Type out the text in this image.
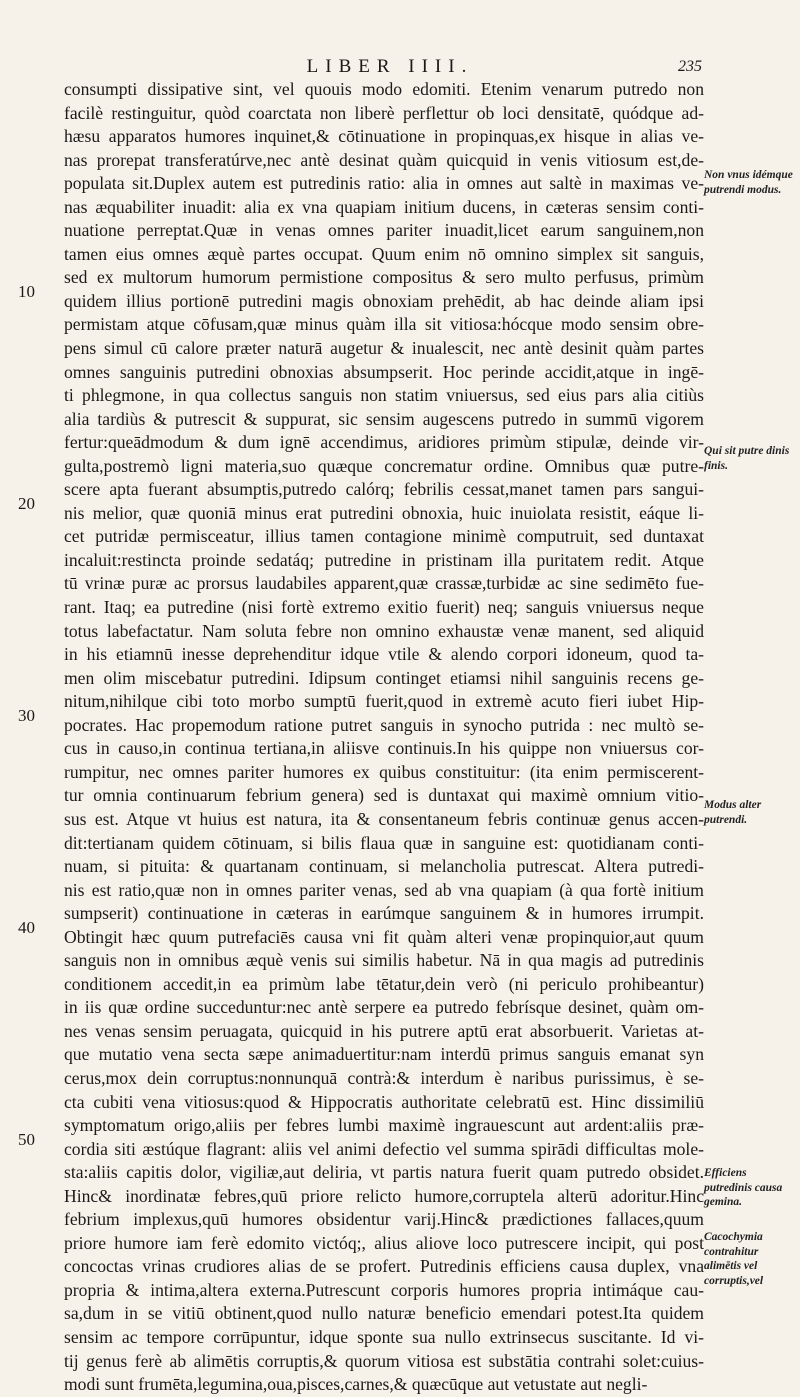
LIBER IIII.	235
consumpti dissipative sint, vel quouis modo edomiti. Etenim venarum putredo non
facilè restinguitur, quòd coarctata non liberè perflettur ob loci densitatē, quódque ad-
hæsu apparatos humores inquinet,& cōtinuatione in propinquas,ex hisque in alias ve-
nas prorepat transferatúrve,nec antè desinat quàm quicquid in venis vitiosum est,de-
populata sit.Duplex autem est putredinis ratio: alia in omnes aut saltè in maximas ve-
nas æquabiliter inuadit: alia ex vna quapiam initium ducens, in cæteras sensim conti-
nuatione perreptat.Quæ in venas omnes pariter inuadit,licet earum sanguinem,non
tamen eius omnes æquè partes occupat. Quum enim nō omnino simplex sit sanguis,
sed ex multorum humorum permistione compositus & sero multo perfusus, primùm
quidem illius portionē putredini magis obnoxiam prehēdit, ab hac deinde aliam ipsi
permistam atque cōfusam,quæ minus quàm illa sit vitiosa:hócque modo sensim obre-
pens simul cū calore præter naturā augetur & inualescit, nec antè desinit quàm partes
omnes sanguinis putredini obnoxias absumpserit. Hoc perinde accidit,atque in ingē-
ti phlegmone, in qua collectus sanguis non statim vniuersus, sed eius pars alia citiùs
alia tardiùs & putrescit & suppurat, sic sensim augescens putredo in summū vigorem
fertur:queādmodum & dum ignē accendimus, aridiores primùm stipulæ, deinde vir-
gulta,postremò ligni materia,suo quæque concrematur ordine. Omnibus quæ putre-
scere apta fuerant absumptis,putredo calórq; febrilis cessat,manet tamen pars sangui-
nis melior, quæ quoniā minus erat putredini obnoxia, huic inuiolata resistit, eáque li-
cet putridæ permisceatur, illius tamen contagione minimè computruit, sed duntaxat
incaluit:restincta proinde sedatáq; putredine in pristinam illa puritatem redit. Atque
tū vrinæ puræ ac prorsus laudabiles apparent,quæ crassæ,turbidæ ac sine sedimēto fue-
rant. Itaq; ea putredine (nisi fortè extremo exitio fuerit) neq; sanguis vniuersus neque
totus labefactatur. Nam soluta febre non omnino exhaustæ venæ manent, sed aliquid
in his etiamnū inesse deprehenditur idque vtile & alendo corpori idoneum, quod ta-
men olim miscebatur putredini. Idipsum continget etiamsi nihil sanguinis recens ge-
nitum,nihilque cibi toto morbo sumptū fuerit,quod in extremè acuto fieri iubet Hip-
pocrates. Hac propemodum ratione putret sanguis in synocho putrida : nec multò se-
cus in causo,in continua tertiana,in aliisve continuis.In his quippe non vniuersus cor-
rumpitur, nec omnes pariter humores ex quibus constituitur: (ita enim permiscerent-
tur omnia continuarum febrium genera) sed is duntaxat qui maximè omnium vitio-
sus est. Atque vt huius est natura, ita & consentaneum febris continuæ genus accen-
dit:tertianam quidem cōtinuam, si bilis flaua quæ in sanguine est: quotidianam conti-
nuam, si pituita: & quartanam continuam, si melancholia putrescat. Altera putredi-
nis est ratio,quæ non in omnes pariter venas, sed ab vna quapiam (à qua fortè initium
sumpserit) continuatione in cæteras in earúmque sanguinem & in humores irrumpit.
Obtingit hæc quum putrefaciēs causa vni fit quàm alteri venæ propinquior,aut quum
sanguis non in omnibus æquè venis sui similis habetur. Nā in qua magis ad putredinis
conditionem accedit,in ea primùm labe tētatur,dein verò (ni periculo prohibeantur)
in iis quæ ordine succeduntur:nec antè serpere ea putredo febrísque desinet, quàm om-
nes venas sensim peruagata, quicquid in his putrere aptū erat absorbuerit. Varietas at-
que mutatio vena secta sæpe animaduertitur:nam interdū primus sanguis emanat syn
cerus,mox dein corruptus:nonnunquā contrà:& interdum è naribus purissimus, è se-
cta cubiti vena vitiosus:quod & Hippocratis authoritate celebratū est. Hinc dissimiliū
symptomatum origo,aliis per febres lumbi maximè ingrauescunt aut ardent:aliis præ-
cordia siti æstúque flagrant: aliis vel animi defectio vel summa spirādi difficultas mole-
sta:aliis capitis dolor, vigiliæ,aut deliria, vt partis natura fuerit quam putredo obsidet.
Hinc& inordinatæ febres,quū priore relicto humore,corruptela alterū adoritur.Hinc
febrium implexus,quū humores obsidentur varij.Hinc& prædictiones fallaces,quum
priore humore iam ferè edomito victóq;, alius aliove loco putrescere incipit, qui post
concoctas vrinas crudiores alias de se profert. Putredinis efficiens causa duplex, vna
propria & intima,altera externa.Putrescunt corporis humores propria intimáque cau-
sa,dum in se vitiū obtinent,quod nullo naturæ beneficio emendari potest.Ita quidem
sensim ac tempore corrūpuntur, idque sponte sua nullo extrinsecus suscitante. Id vi-
tij genus ferè ab alimētis corruptis,& quorum vitiosa est substātia contrahi solet:cuius-
modi sunt frumēta,legumina,oua,pisces,carnes,& quæcūque aut vetustate aut negli-
10
20
30
40
50
Non vnus idémque putrendi modus.
Qui sit putre dinis finis.
Modus alter putrendi.
Efficiens putredinis causa gemina.
Cacochymia contrahitur alimētis vel corruptis,vel
